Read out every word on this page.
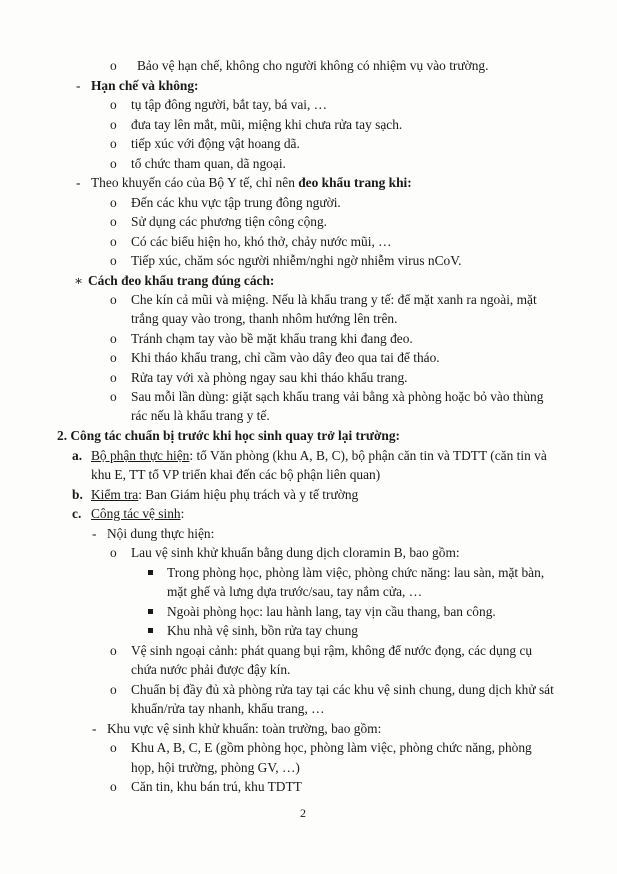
o Bảo vệ hạn chế, không cho người không có nhiệm vụ vào trường.
- Hạn chế và không:
o tụ tập đông người, bắt tay, bá vai, …
o đưa tay lên mắt, mũi, miệng khi chưa rửa tay sạch.
o tiếp xúc với động vật hoang dã.
o tổ chức tham quan, dã ngoại.
- Theo khuyến cáo của Bộ Y tế, chỉ nên đeo khẩu trang khi:
o Đến các khu vực tập trung đông người.
o Sử dụng các phương tiện công cộng.
o Có các biểu hiện ho, khó thở, chảy nước mũi, …
o Tiếp xúc, chăm sóc người nhiễm/nghi ngờ nhiễm virus nCoV.
∗ Cách đeo khẩu trang đúng cách:
o Che kín cả mũi và miệng. Nếu là khẩu trang y tế: để mặt xanh ra ngoài, mặt
trắng quay vào trong, thanh nhôm hướng lên trên.
o Tránh chạm tay vào bề mặt khẩu trang khi đang đeo.
o Khi tháo khẩu trang, chỉ cầm vào dây đeo qua tai để tháo.
o Rửa tay với xà phòng ngay sau khi tháo khẩu trang.
o Sau mỗi lần dùng: giặt sạch khẩu trang vải bằng xà phòng hoặc bỏ vào thùng
rác nếu là khẩu trang y tế.
2. Công tác chuẩn bị trước khi học sinh quay trở lại trường:
a. Bộ phận thực hiện: tổ Văn phòng (khu A, B, C), bộ phận căn tin và TDTT (căn tin và
khu E, TT tổ VP triển khai đến các bộ phận liên quan)
b. Kiểm tra: Ban Giám hiệu phụ trách và y tế trường
c. Công tác vệ sinh:
- Nội dung thực hiện:
o Lau vệ sinh khử khuẩn bằng dung dịch cloramin B, bao gồm:
Trong phòng học, phòng làm việc, phòng chức năng: lau sàn, mặt bàn,
mặt ghế và lưng dựa trước/sau, tay nắm cửa, …
Ngoài phòng học: lau hành lang, tay vịn cầu thang, ban công.
Khu nhà vệ sinh, bồn rửa tay chung
o Vệ sinh ngoại cảnh: phát quang bụi rậm, không để nước đọng, các dụng cụ
chứa nước phải được đậy kín.
o Chuẩn bị đầy đủ xà phòng rửa tay tại các khu vệ sinh chung, dung dịch khử sát
khuẩn/rửa tay nhanh, khẩu trang, …
- Khu vực vệ sinh khử khuẩn: toàn trường, bao gồm:
o Khu A, B, C, E (gồm phòng học, phòng làm việc, phòng chức năng, phòng
họp, hội trường, phòng GV, …)
o Căn tin, khu bán trú, khu TDTT
2
